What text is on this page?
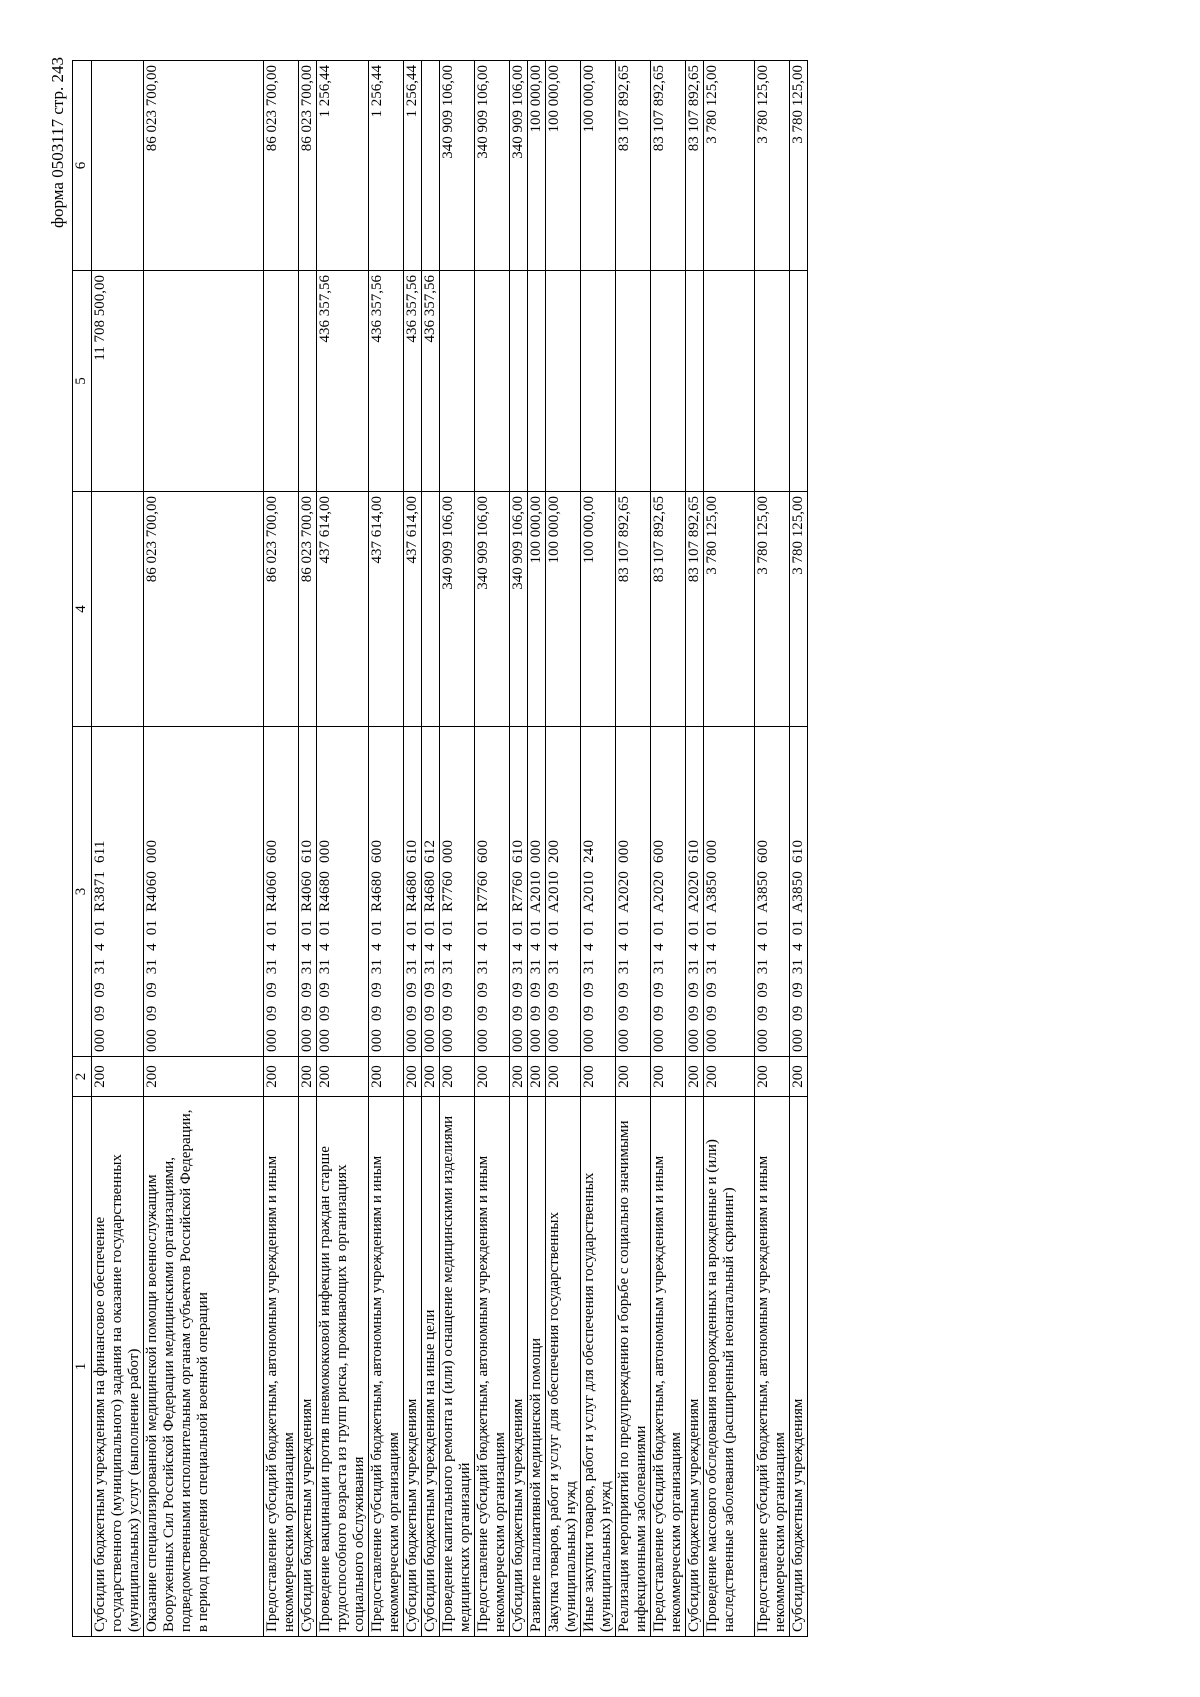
форма 0503117 стр. 243
1	2	3	4	5	6
Субсидии бюджетным учреждениям на финансовое обеспечение государственного (муниципального) задания на оказание государственных (муниципальных) услуг (выполнение работ)	200	000 09 09 31 4 01 R3871 611		11 708 500,00	
Оказание специализированной медицинской помощи военнослужащим Вооруженных Сил Российской Федерации медицинскими организациями, подведомственными исполнительным органам субъектов Российской Федерации, в период проведения специальной военной операции	200	000 09 09 31 4 01 R4060 000	86 023 700,00		86 023 700,00
Предоставление субсидий бюджетным, автономным учреждениям и иным некоммерческим организациям	200	000 09 09 31 4 01 R4060 600	86 023 700,00		86 023 700,00
Субсидии бюджетным учреждениям	200	000 09 09 31 4 01 R4060 610	86 023 700,00		86 023 700,00
Проведение вакцинации против пневмококковой инфекции граждан старше трудоспособного возраста из групп риска, проживающих в организациях социального обслуживания	200	000 09 09 31 4 01 R4680 000	437 614,00	436 357,56	1 256,44
Предоставление субсидий бюджетным, автономным учреждениям и иным некоммерческим организациям	200	000 09 09 31 4 01 R4680 600	437 614,00	436 357,56	1 256,44
Субсидии бюджетным учреждениям	200	000 09 09 31 4 01 R4680 610	437 614,00	436 357,56	1 256,44
Субсидии бюджетным учреждениям на иные цели	200	000 09 09 31 4 01 R4680 612		436 357,56	
Проведение капитального ремонта и (или) оснащение медицинскими изделиями медицинских организаций	200	000 09 09 31 4 01 R7760 000	340 909 106,00		340 909 106,00
Предоставление субсидий бюджетным, автономным учреждениям и иным некоммерческим организациям	200	000 09 09 31 4 01 R7760 600	340 909 106,00		340 909 106,00
Субсидии бюджетным учреждениям	200	000 09 09 31 4 01 R7760 610	340 909 106,00		340 909 106,00
Развитие паллиативной медицинской помощи	200	000 09 09 31 4 01 A2010 000	100 000,00		100 000,00
Закупка товаров, работ и услуг для обеспечения государственных (муниципальных) нужд	200	000 09 09 31 4 01 A2010 200	100 000,00		100 000,00
Иные закупки товаров, работ и услуг для обеспечения государственных (муниципальных) нужд	200	000 09 09 31 4 01 A2010 240	100 000,00		100 000,00
Реализация мероприятий по предупреждению и борьбе с социально значимыми инфекционными заболеваниями	200	000 09 09 31 4 01 A2020 000	83 107 892,65		83 107 892,65
Предоставление субсидий бюджетным, автономным учреждениям и иным некоммерческим организациям	200	000 09 09 31 4 01 A2020 600	83 107 892,65		83 107 892,65
Субсидии бюджетным учреждениям	200	000 09 09 31 4 01 A2020 610	83 107 892,65		83 107 892,65
Проведение массового обследования новорожденных на врожденные и (или) наследственные заболевания (расширенный неонатальный скрининг)	200	000 09 09 31 4 01 A3850 000	3 780 125,00		3 780 125,00
Предоставление субсидий бюджетным, автономным учреждениям и иным некоммерческим организациям	200	000 09 09 31 4 01 A3850 600	3 780 125,00		3 780 125,00
Субсидии бюджетным учреждениям	200	000 09 09 31 4 01 A3850 610	3 780 125,00		3 780 125,00
